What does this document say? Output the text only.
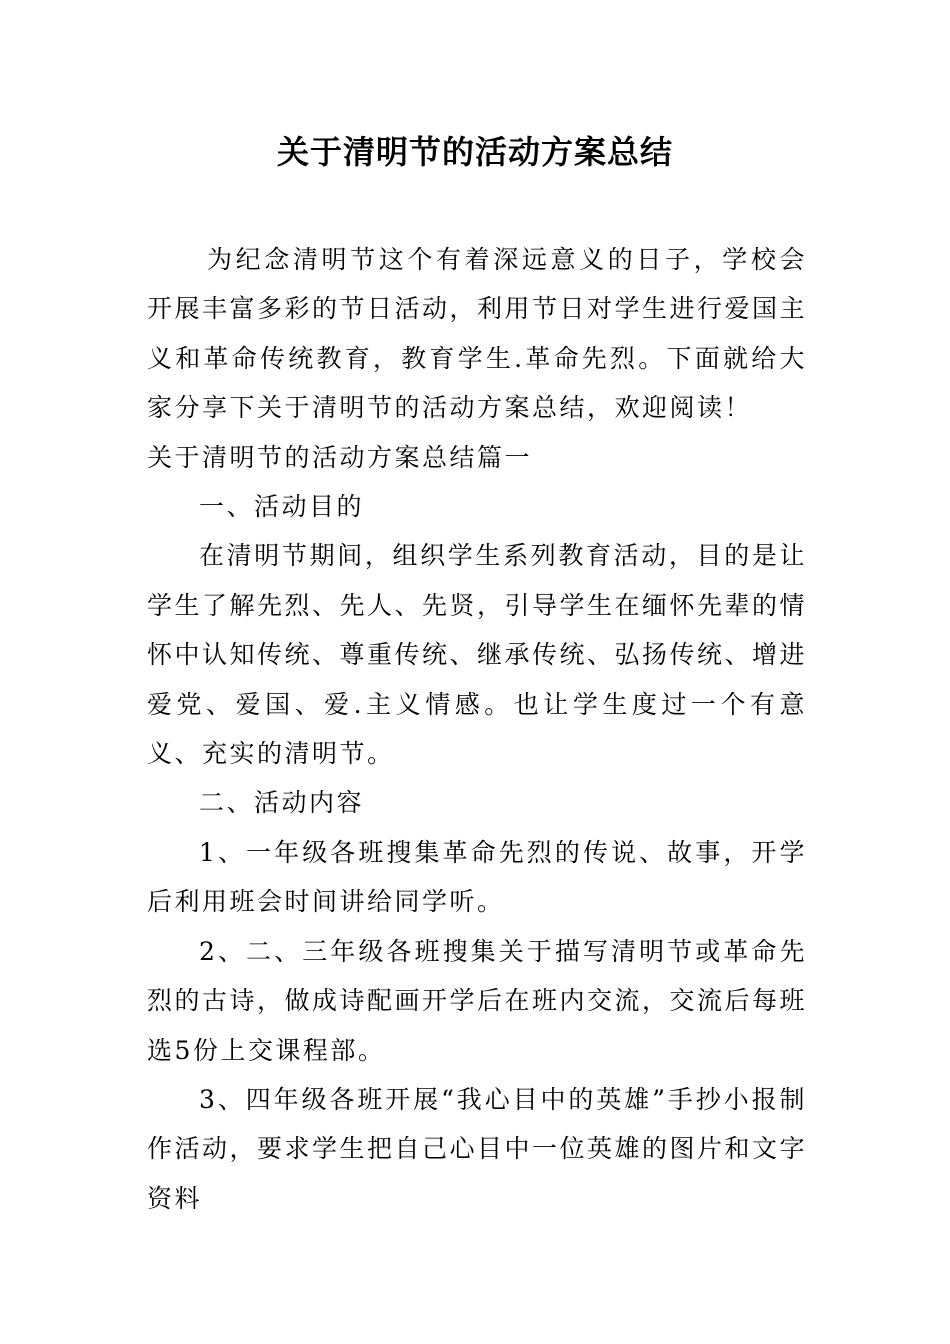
关于清明节的活动方案总结

为纪念清明节这个有着深远意义的日子，学校会开展丰富多彩的节日活动，利用节日对学生进行爱国主义和革命传统教育，教育学生.革命先烈。下面就给大家分享下关于清明节的活动方案总结，欢迎阅读！

关于清明节的活动方案总结篇一

一、活动目的

在清明节期间，组织学生系列教育活动，目的是让学生了解先烈、先人、先贤，引导学生在缅怀先辈的情怀中认知传统、尊重传统、继承传统、弘扬传统、增进爱党、爱国、爱.主义情感。也让学生度过一个有意义、充实的清明节。

二、活动内容

1、一年级各班搜集革命先烈的传说、故事，开学后利用班会时间讲给同学听。

2、二、三年级各班搜集关于描写清明节或革命先烈的古诗，做成诗配画开学后在班内交流，交流后每班选5份上交课程部。

3、四年级各班开展“我心目中的英雄”手抄小报制作活动，要求学生把自己心目中一位英雄的图片和文字资料
